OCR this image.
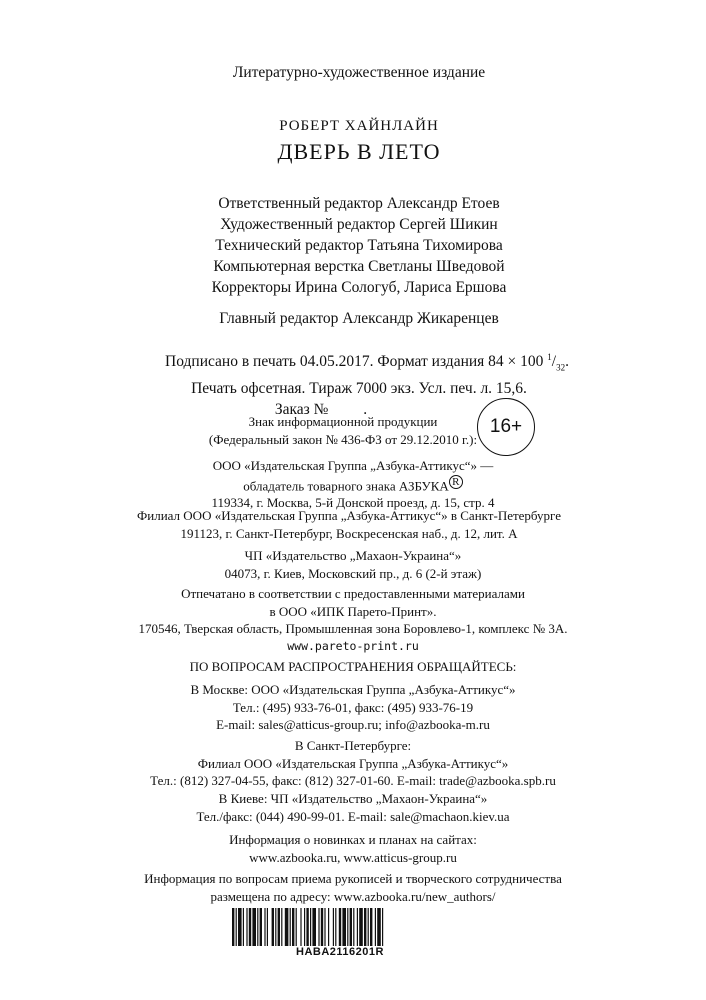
Литературно-художественное издание
РОБЕРТ ХАЙНЛАЙН
ДВЕРЬ В ЛЕТО
Ответственный редактор Александр Етоев
Художественный редактор Сергей Шикин
Технический редактор Татьяна Тихомирова
Компьютерная верстка Светланы Шведовой
Корректоры Ирина Сологуб, Лариса Ершова
Главный редактор Александр Жикаренцев
Подписано в печать 04.05.2017. Формат издания 84 × 100 $^1/_{32}$.
Печать офсетная. Тираж 7000 экз. Усл. печ. л. 15,6.
Заказ №         .
Знак информационной продукции
(Федеральный закон № 436-ФЗ от 29.12.2010 г.):
16+
ООО «Издательская Группа „Азбука-Аттикус“» —
обладатель товарного знака АЗБУКА R
119334, г. Москва, 5-й Донской проезд, д. 15, стр. 4
Филиал ООО «Издательская Группа „Азбука-Аттикус“» в Санкт-Петербурге
191123, г. Санкт-Петербург, Воскресенская наб., д. 12, лит. А
ЧП «Издательство „Махаон-Украина“»
04073, г. Киев, Московский пр., д. 6 (2-й этаж)
Отпечатано в соответствии с предоставленными материалами
в ООО «ИПК Парето-Принт».
170546, Тверская область, Промышленная зона Боровлево-1, комплекс № 3А.
www.pareto-print.ru
ПО ВОПРОСАМ РАСПРОСТРАНЕНИЯ ОБРАЩАЙТЕСЬ:
В Москве: ООО «Издательская Группа „Азбука-Аттикус“»
Тел.: (495) 933-76-01, факс: (495) 933-76-19
E-mail: sales@atticus-group.ru; info@azbooka-m.ru
В Санкт-Петербурге:
Филиал ООО «Издательская Группа „Азбука-Аттикус“»
Тел.: (812) 327-04-55, факс: (812) 327-01-60. E-mail: trade@azbooka.spb.ru
В Киеве: ЧП «Издательство „Махаон-Украина“»
Тел./факс: (044) 490-99-01. E-mail: sale@machaon.kiev.ua
Информация о новинках и планах на сайтах:
www.azbooka.ru, www.atticus-group.ru
Информация по вопросам приема рукописей и творческого сотрудничества
размещена по адресу: www.azbooka.ru/new_authors/
HABA2116201R
